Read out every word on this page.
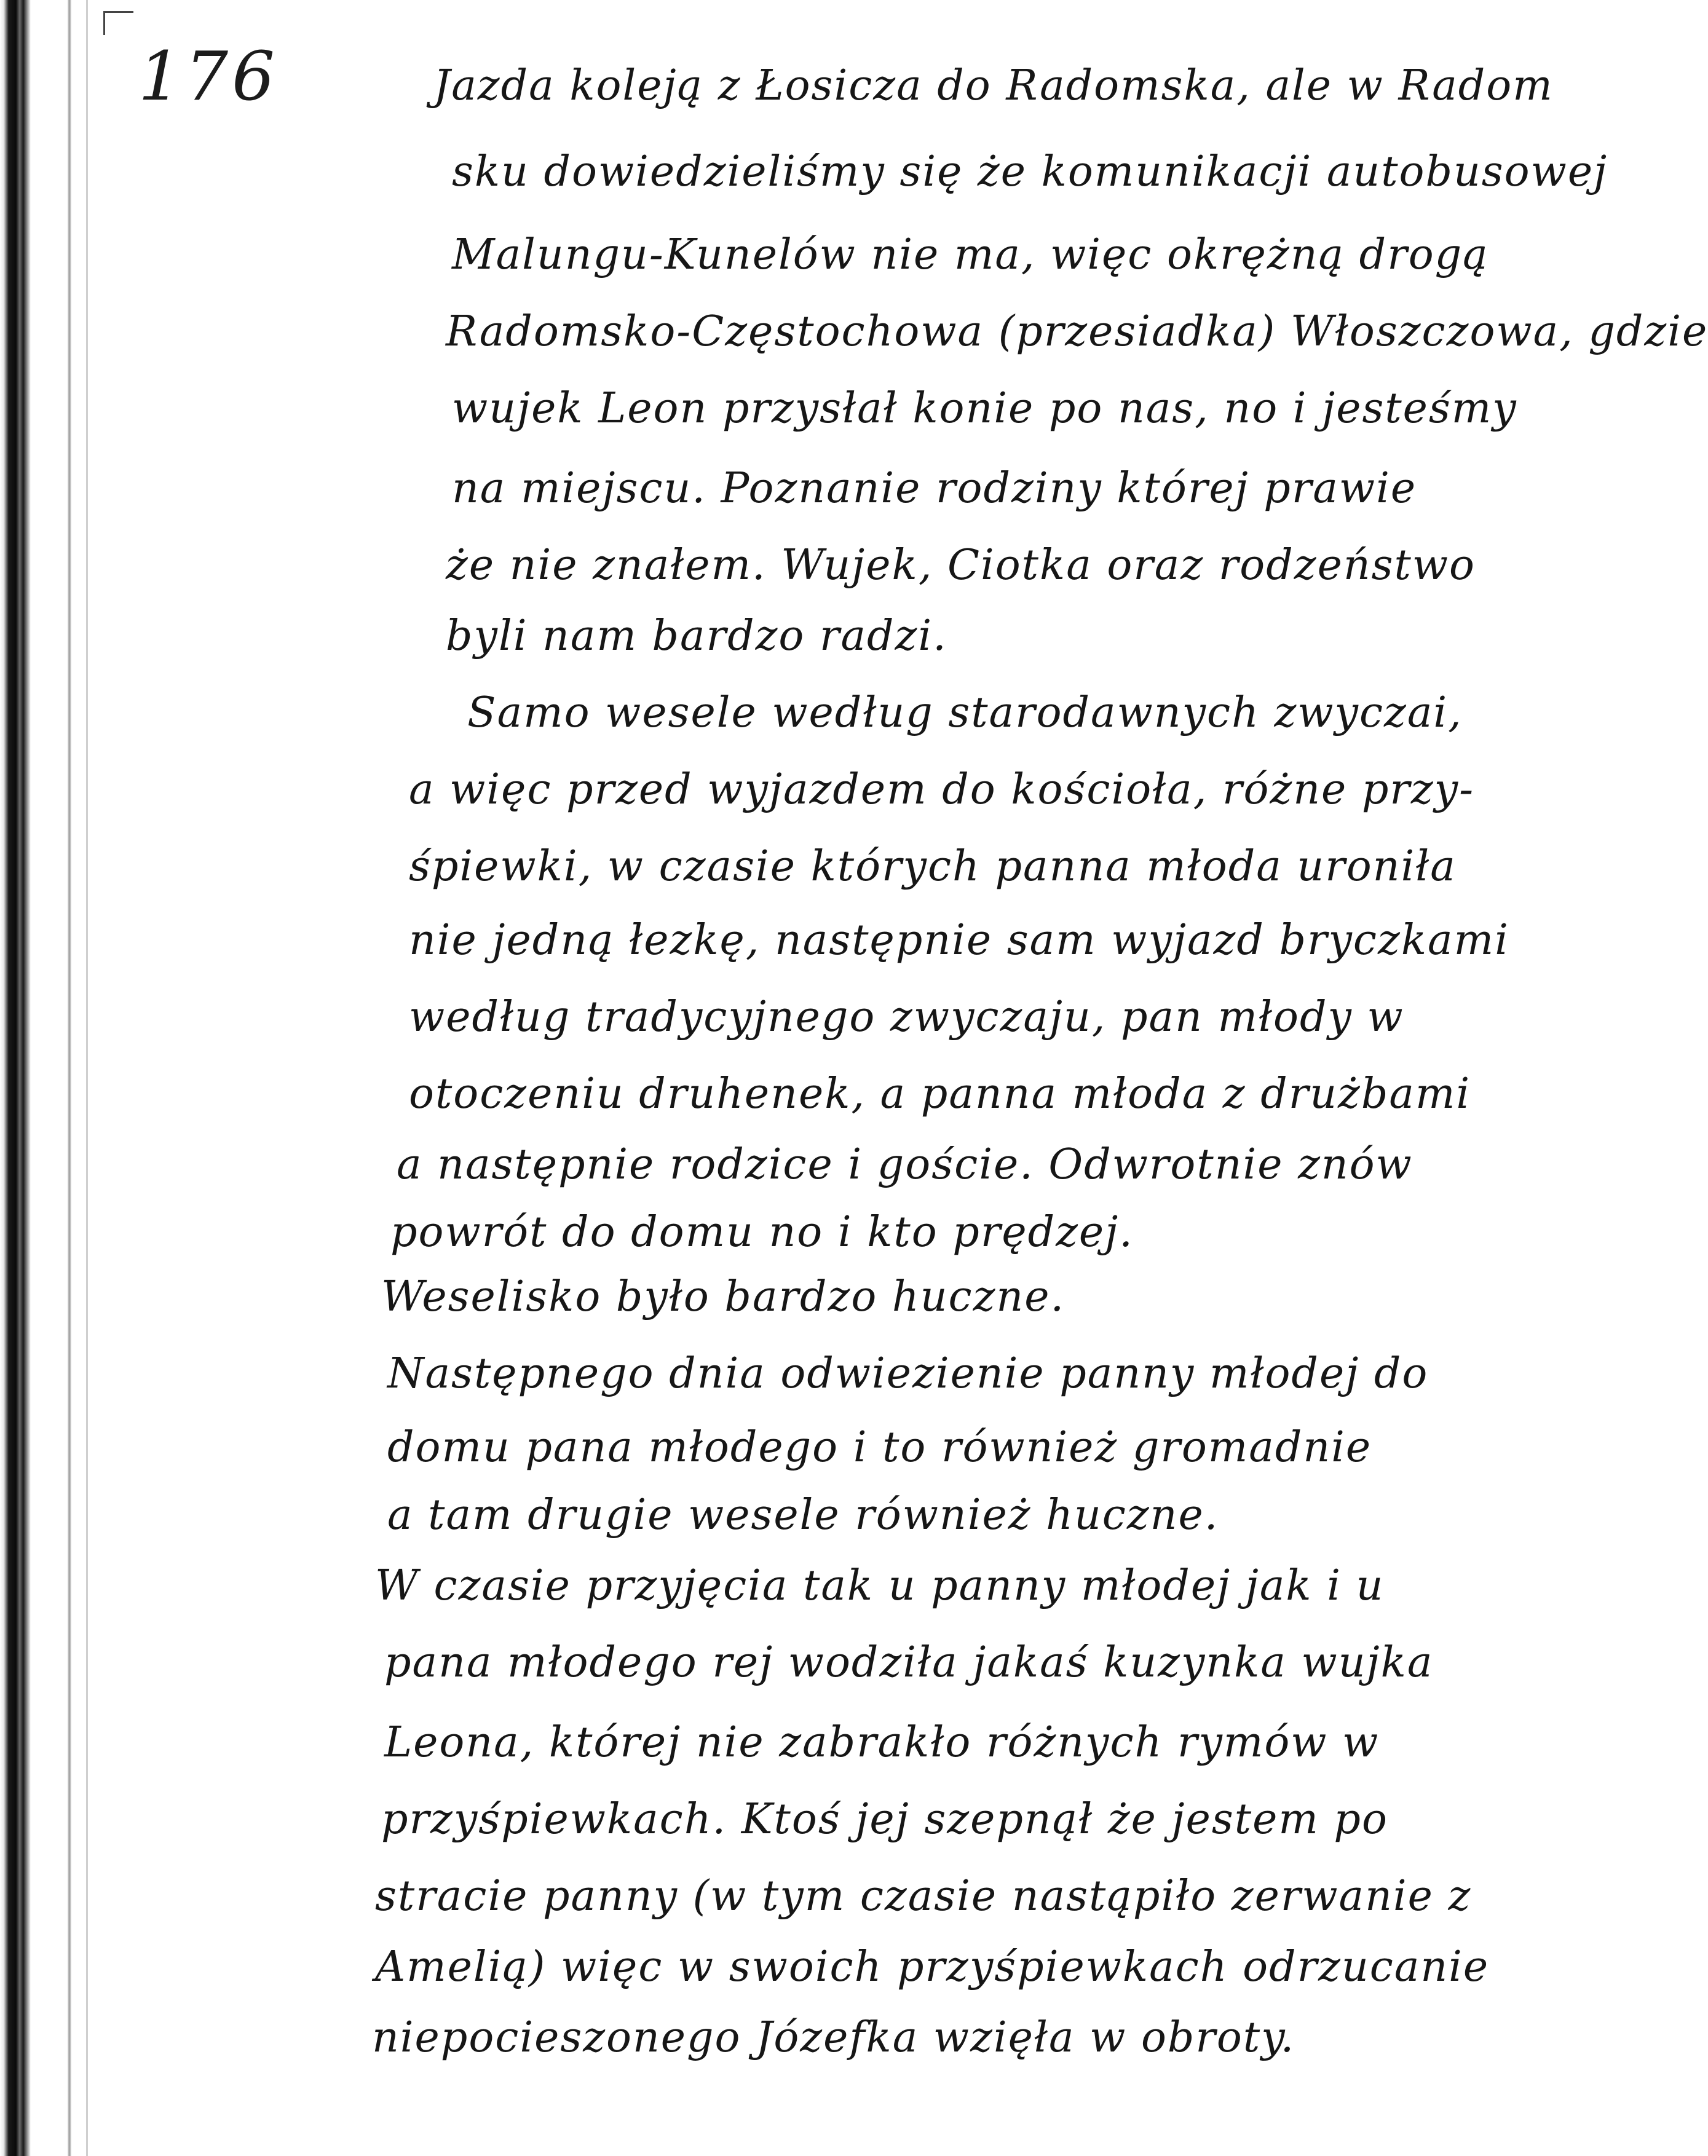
176	Jazda koleją z Łosicza do Radomska, ale w Radom
sku dowiedzieliśmy się że komunikacji autobusowej
Malungu-Kunelów nie ma, więc okrężną drogą
Radomsko-Częstochowa (przesiadka) Włoszczowa, gdzie
wujek Leon przysłał konie po nas, no i jesteśmy
na miejscu. Poznanie rodziny której prawie
że nie znałem. Wujek, Ciotka oraz rodzeństwo
byli nam bardzo radzi.
Samo wesele według starodawnych zwyczai,
a więc przed wyjazdem do kościoła, różne przy-
śpiewki, w czasie których panna młoda uroniła
nie jedną łezkę, następnie sam wyjazd bryczkami
według tradycyjnego zwyczaju, pan młody w
otoczeniu druhenek, a panna młoda z drużbami
a następnie rodzice i goście. Odwrotnie znów
powrót do domu no i kto prędzej.
Weselisko było bardzo huczne.
Następnego dnia odwiezienie panny młodej do
domu pana młodego i to również gromadnie
a tam drugie wesele również huczne.
W czasie przyjęcia tak u panny młodej jak i u
pana młodego rej wodziła jakaś kuzynka wujka
Leona, której nie zabrakło różnych rymów w
przyśpiewkach. Ktoś jej szepnął że jestem po
stracie panny (w tym czasie nastąpiło zerwanie z
Amelią) więc w swoich przyśpiewkach odrzucanie
niepocieszonego Józefka wzięła w obroty.
